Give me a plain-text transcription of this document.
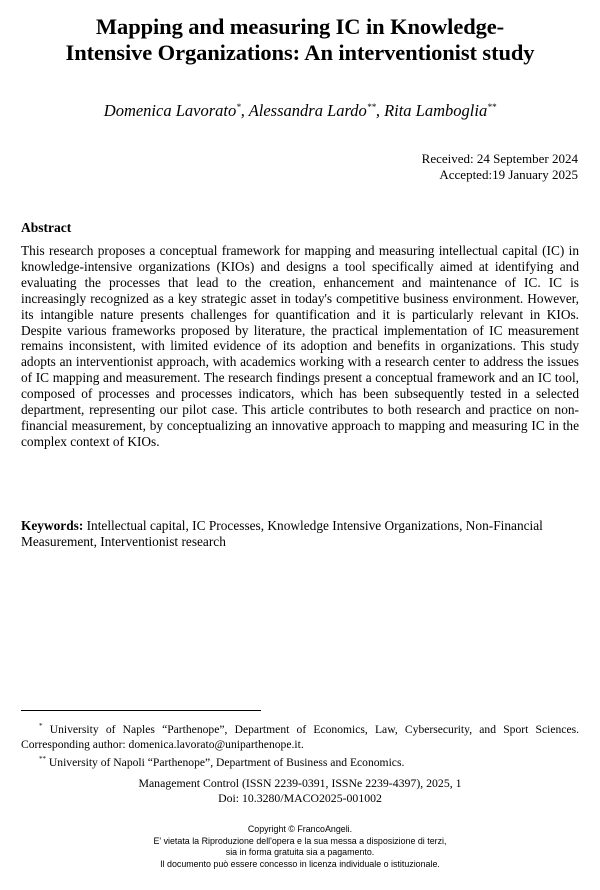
Mapping and measuring IC in Knowledge-
Intensive Organizations: An interventionist study
Domenica Lavorato*, Alessandra Lardo**, Rita Lamboglia**
Received: 24 September 2024
Accepted:19 January 2025
Abstract

This research proposes a conceptual framework for mapping and measuring intellectual capital (IC) in knowledge-intensive organizations (KIOs) and designs a tool specifically aimed at identifying and evaluating the processes that lead to the creation, enhancement and maintenance of IC. IC is increasingly recognized as a key strategic asset in today's competitive business environment. However, its intangible nature presents challenges for quantification and it is particularly relevant in KIOs. Despite various frameworks proposed by literature, the practical implementation of IC measurement remains inconsistent, with limited evidence of its adoption and benefits in organizations. This study adopts an interventionist approach, with academics working with a research center to address the issues of IC mapping and measurement. The research findings present a conceptual framework and an IC tool, composed of processes and processes indicators, which has been subsequently tested in a selected department, representing our pilot case. This article contributes to both research and practice on non-financial measurement, by conceptualizing an innovative approach to mapping and measuring IC in the complex context of KIOs.

Keywords: Intellectual capital, IC Processes, Knowledge Intensive Organizations, Non-Financial Measurement, Interventionist research

* University of Naples “Parthenope”, Department of Economics, Law, Cybersecurity, and Sport Sciences. Corresponding author: domenica.lavorato@uniparthenope.it.

** University of Napoli “Parthenope”, Department of Business and Economics.

Management Control (ISSN 2239-0391, ISSNe 2239-4397), 2025, 1
Doi: 10.3280/MACO2025-001002
Copyright © FrancoAngeli.
E' vietata la Riproduzione dell'opera e la sua messa a disposizione di terzi,
sia in forma gratuita sia a pagamento.
Il documento può essere concesso in licenza individuale o istituzionale.
